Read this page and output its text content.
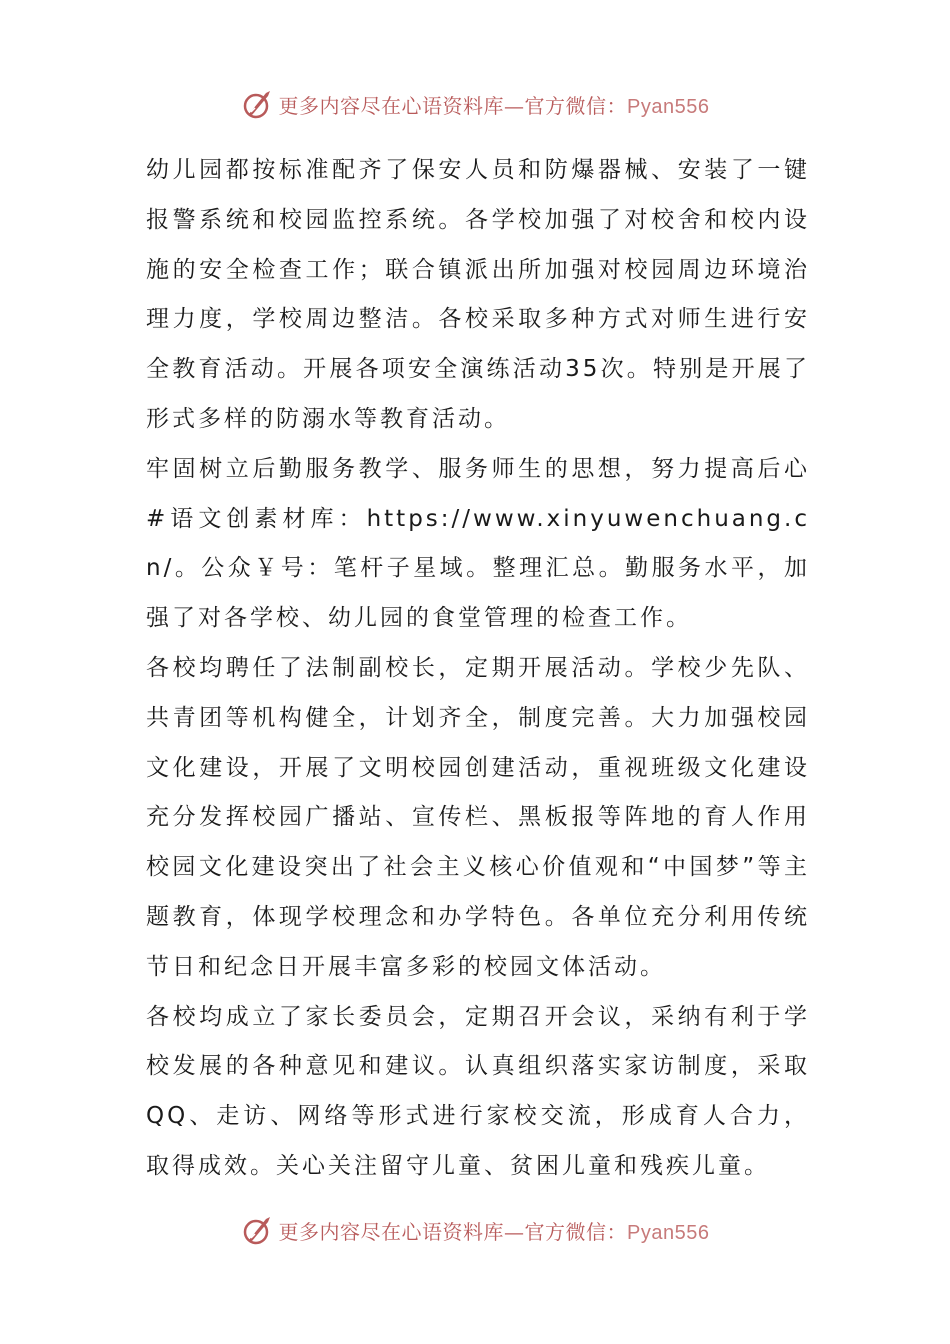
更多内容尽在心语资料库—官方微信：Pyan556

幼儿园都按标准配齐了保安人员和防爆器械、安装了一键报警系统和校园监控系统。各学校加强了对校舍和校内设施的安全检查工作；联合镇派出所加强对校园周边环境治理力度，学校周边整洁。各校采取多种方式对师生进行安全教育活动。开展各项安全演练活动35次。特别是开展了形式多样的防溺水等教育活动。

牢固树立后勤服务教学、服务师生的思想，努力提高后心#语文创素材库：https://www.xinyuwenchuang.cn/。公众￥号：笔杆子星域。整理汇总。勤服务水平，加强了对各学校、幼儿园的食堂管理的检查工作。

各校均聘任了法制副校长，定期开展活动。学校少先队、共青团等机构健全，计划齐全，制度完善。大力加强校园文化建设，开展了文明校园创建活动，重视班级文化建设充分发挥校园广播站、宣传栏、黑板报等阵地的育人作用校园文化建设突出了社会主义核心价值观和“中国梦”等主题教育，体现学校理念和办学特色。各单位充分利用传统节日和纪念日开展丰富多彩的校园文体活动。

各校均成立了家长委员会，定期召开会议，采纳有利于学校发展的各种意见和建议。认真组织落实家访制度，采取QQ、走访、网络等形式进行家校交流，形成育人合力，取得成效。关心关注留守儿童、贫困儿童和残疾儿童。

更多内容尽在心语资料库—官方微信：Pyan556
